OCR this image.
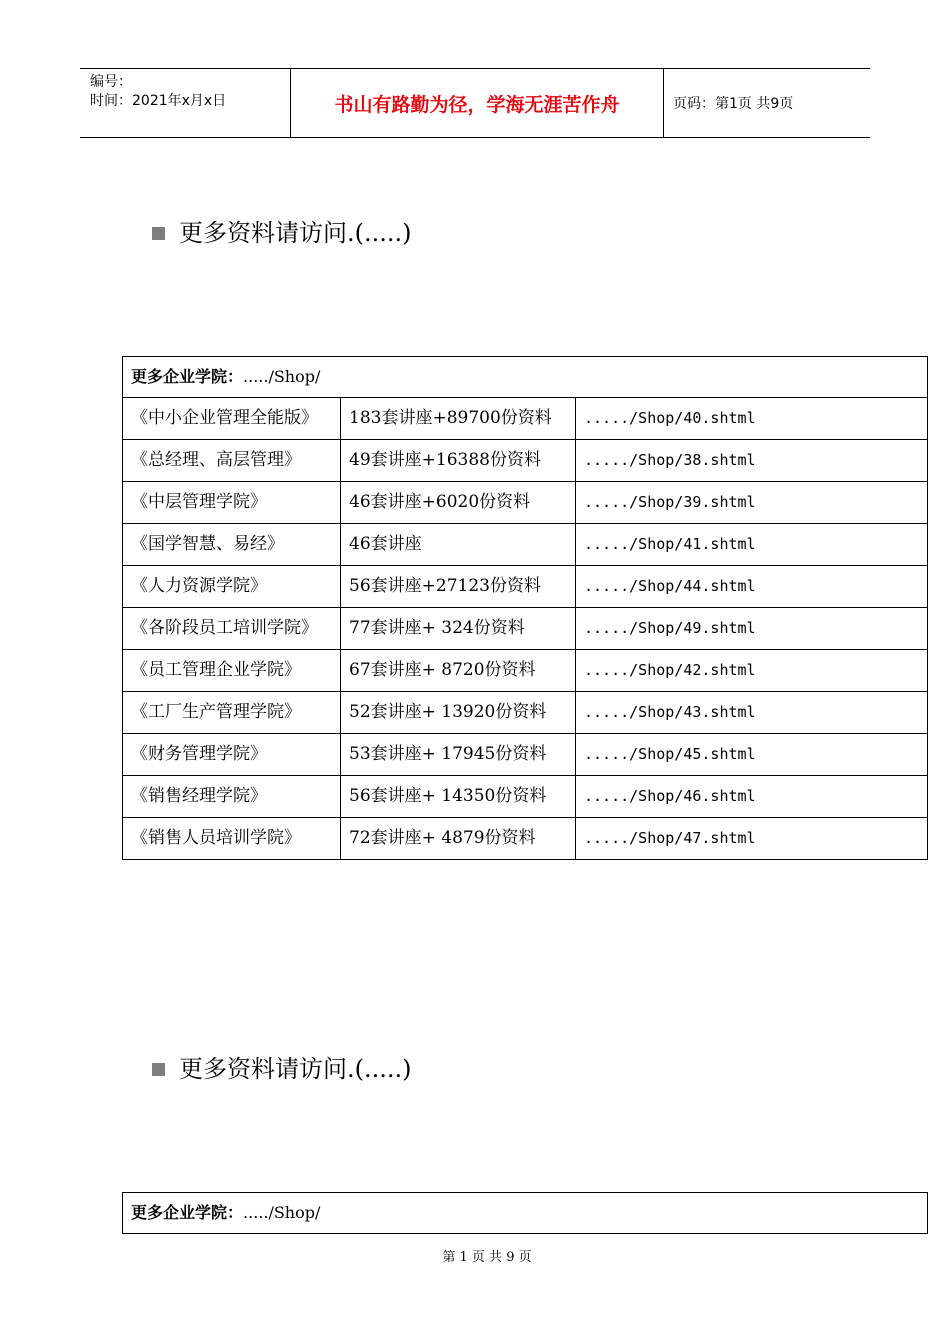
编号：
时间：2021年x月x日	书山有路勤为径，学海无涯苦作舟	页码：第1页 共9页
更多资料请访问.(.....)
更多企业学院：...../Shop/		
《中小企业管理全能版》	183套讲座+89700份资料	...../Shop/40.shtml
《总经理、高层管理》	49套讲座+16388份资料	...../Shop/38.shtml
《中层管理学院》	46套讲座+6020份资料	...../Shop/39.shtml
《国学智慧、易经》	46套讲座	...../Shop/41.shtml
《人力资源学院》	56套讲座+27123份资料	...../Shop/44.shtml
《各阶段员工培训学院》	77套讲座+ 324份资料	...../Shop/49.shtml
《员工管理企业学院》	67套讲座+ 8720份资料	...../Shop/42.shtml
《工厂生产管理学院》	52套讲座+ 13920份资料	...../Shop/43.shtml
《财务管理学院》	53套讲座+ 17945份资料	...../Shop/45.shtml
《销售经理学院》	56套讲座+ 14350份资料	...../Shop/46.shtml
《销售人员培训学院》	72套讲座+ 4879份资料	...../Shop/47.shtml
更多资料请访问.(.....)
更多企业学院：...../Shop/
第 1 页 共 9 页
